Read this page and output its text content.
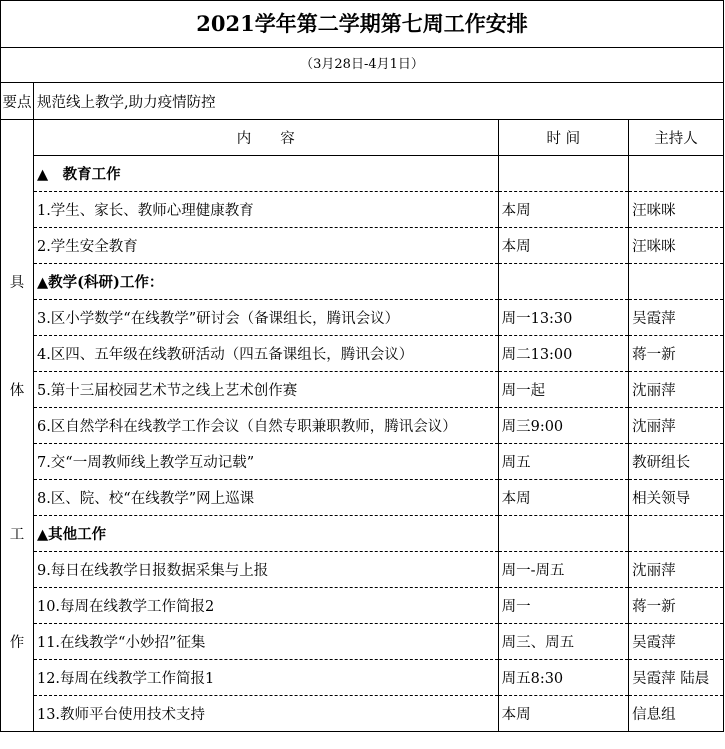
2021学年第二学期第七周工作安排
（3月28日-4月1日）
要点	规范线上教学,助力疫情防控		
	内　　容	时 间	主持人
	▲　教育工作		
	1.学生、家长、教师心理健康教育	本周	汪咪咪
	2.学生安全教育	本周	汪咪咪
具	▲教学(科研)工作：		
	3.区小学数学“在线教学”研讨会（备课组长，腾讯会议）	周一13:30	吴霞萍
	4.区四、五年级在线教研活动（四五备课组长，腾讯会议）	周二13:00	蒋一新
体	5.第十三届校园艺术节之线上艺术创作赛	周一起	沈丽萍
	6.区自然学科在线教学工作会议（自然专职兼职教师，腾讯会议）	周三9:00	沈丽萍
	7.交“一周教师线上教学互动记载”	周五	教研组长
	8.区、院、校“在线教学”网上巡课	本周	相关领导
工	▲其他工作		
	9.每日在线教学日报数据采集与上报	周一-周五	沈丽萍
	10.每周在线教学工作简报2	周一	蒋一新
作	11.在线教学“小妙招”征集	周三、周五	吴霞萍
	12.每周在线教学工作简报1	周五8:30	吴霞萍 陆晨
	13.教师平台使用技术支持	本周	信息组
